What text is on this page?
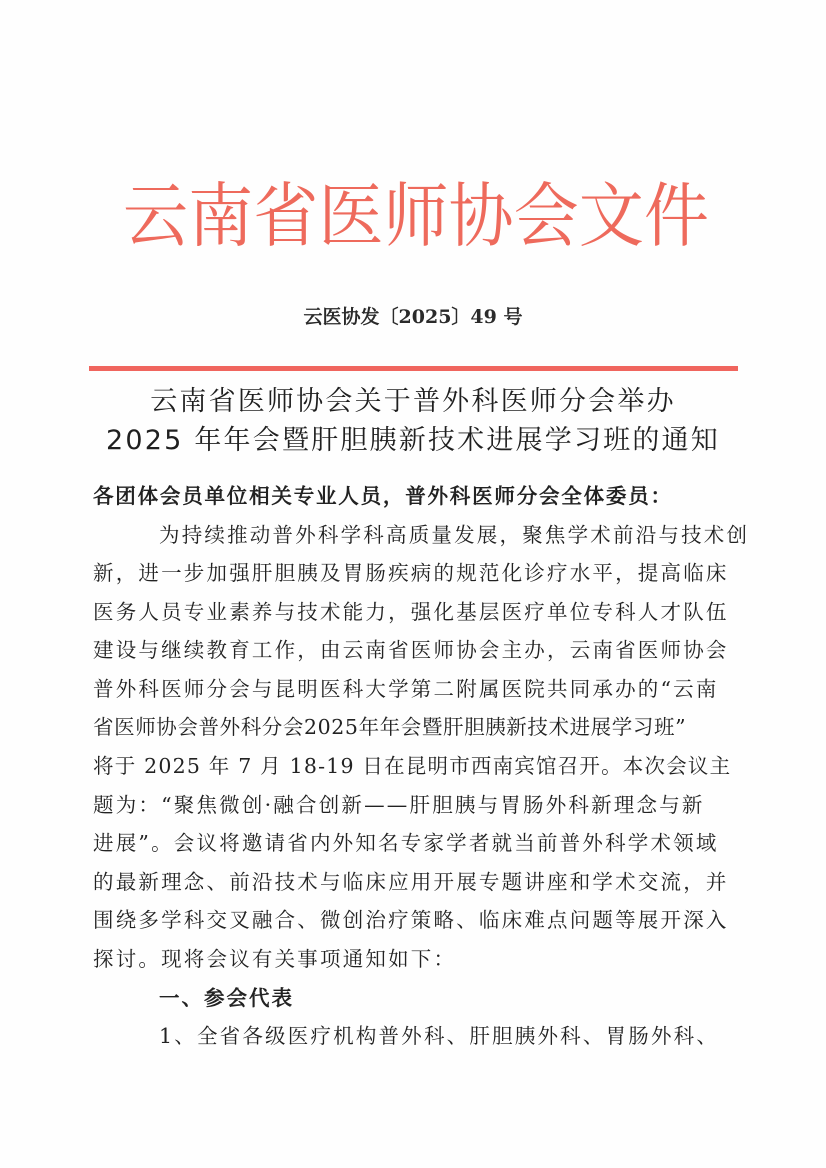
云南省医师协会文件
云医协发〔2025〕49 号
云南省医师协会关于普外科医师分会举办
2025 年年会暨肝胆胰新技术进展学习班的通知
各团体会员单位相关专业人员，普外科医师分会全体委员：
为持续推动普外科学科高质量发展，聚焦学术前沿与技术创
新，进一步加强肝胆胰及胃肠疾病的规范化诊疗水平，提高临床
医务人员专业素养与技术能力，强化基层医疗单位专科人才队伍
建设与继续教育工作，由云南省医师协会主办，云南省医师协会
普外科医师分会与昆明医科大学第二附属医院共同承办的“云南
省医师协会普外科分会2025年年会暨肝胆胰新技术进展学习班”
将于 2025 年 7 月 18-19 日在昆明市西南宾馆召开。本次会议主
题为：“聚焦微创·融合创新——肝胆胰与胃肠外科新理念与新
进展”。会议将邀请省内外知名专家学者就当前普外科学术领域
的最新理念、前沿技术与临床应用开展专题讲座和学术交流，并
围绕多学科交叉融合、微创治疗策略、临床难点问题等展开深入
探讨。现将会议有关事项通知如下：
一、参会代表
1、全省各级医疗机构普外科、肝胆胰外科、胃肠外科、
